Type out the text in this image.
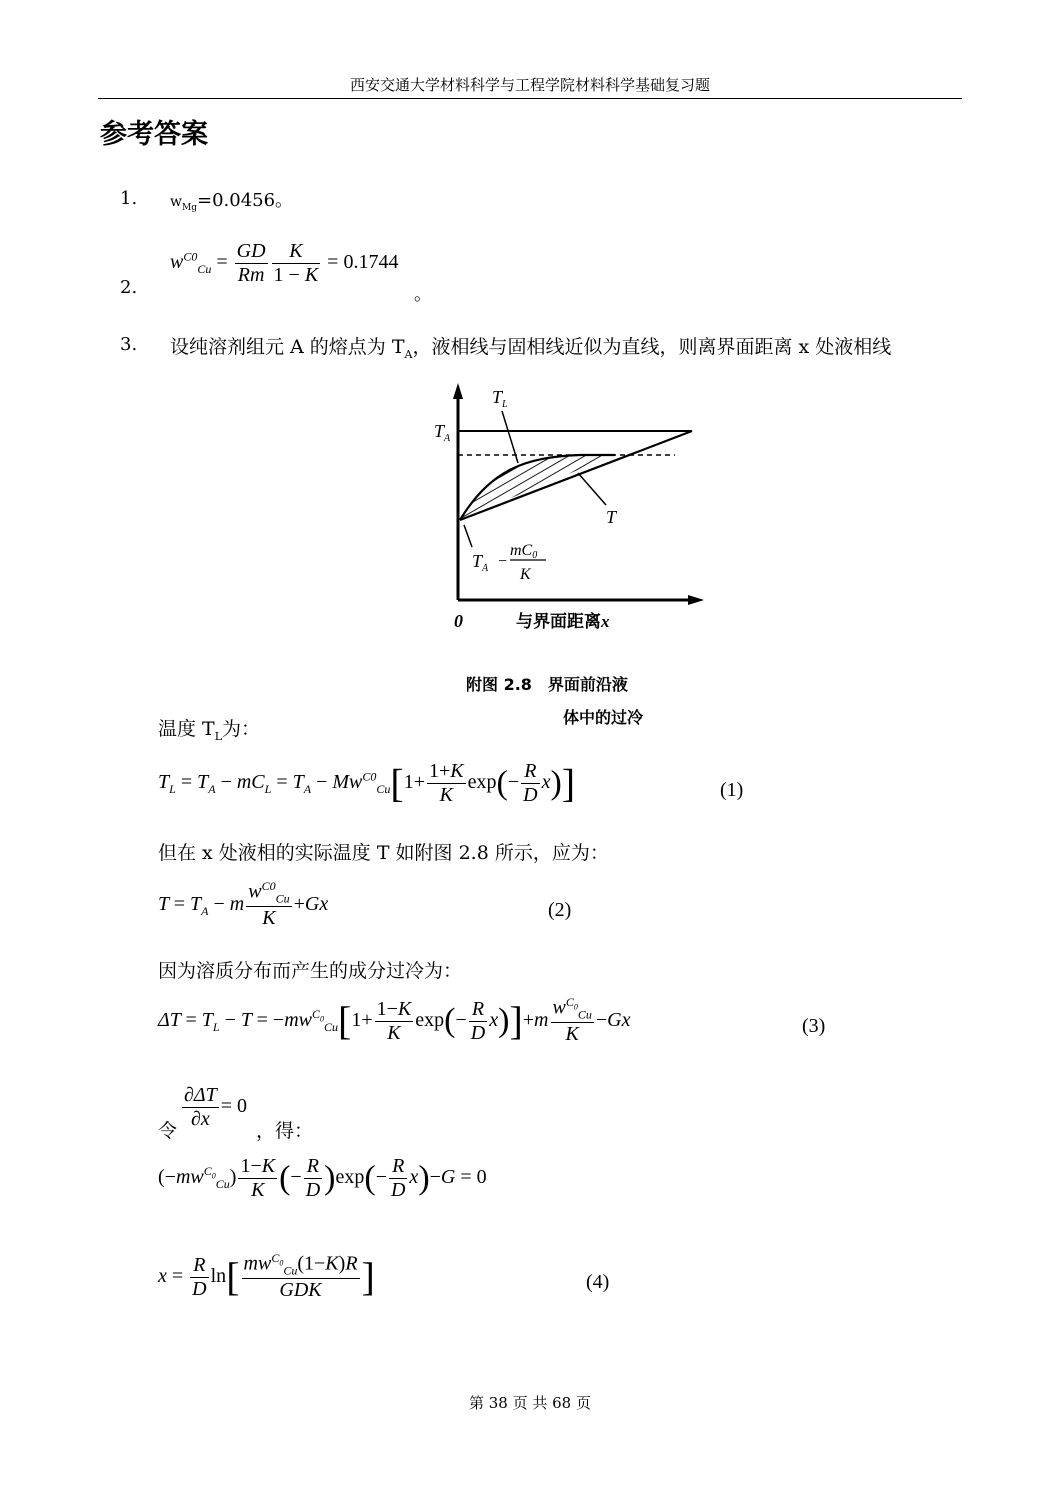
西安交通大学材料科学与工程学院材料科学基础复习题
参考答案
1. $w_{Mg}=0.0456$。
2.
$w^{C0}_{Cu} = \frac{GD}{Rm} \frac{K}{1 - K} = 0.1744$
。
3. 设纯溶剂组元 A 的熔点为 $T_A$，液相线与固相线近似为直线，则离界面距离 x 处液相线
$T_A$
$T_L$
T
$T_A$ −
mC0
K
0	与界面距离x
附图 2.8　界面前沿液
体中的过冷
温度 $T_L$为：
$T_L = T_A - mC_L = T_A - Mw^{C0}_{Cu}[1+ \frac{1+K}{K} \exp(- \frac{R}{D} x)]$	(1)
但在 x 处液相的实际温度 T 如附图 2.8 所示，应为：
$T = T_A - m \frac{w^{C0}_{Cu}}{K} +Gx$	(2)
因为溶质分布而产生的成分过冷为：
$\Delta T = T_L - T = -mw^{C_0}_{Cu}[1+ \frac{1-K}{K} \exp(- \frac{R}{D} x)]+m \frac{w^{C_0}_{Cu}}{K} -Gx$	(3)
$\frac{\partial\Delta T}{\partial x} = 0$
令	，得：
$(-mw^{C_0}_{Cu}) \frac{1-K}{K}$ (− $\frac{R}{D} )\exp(- \frac{R}{D} x)-G = 0$
$x = \frac{R}{D} \ln[ \frac{mw^{C_0}_{Cu}(1-K)R}{\text{GDK}}$ ]	(4)
第 38 页 共 68 页
